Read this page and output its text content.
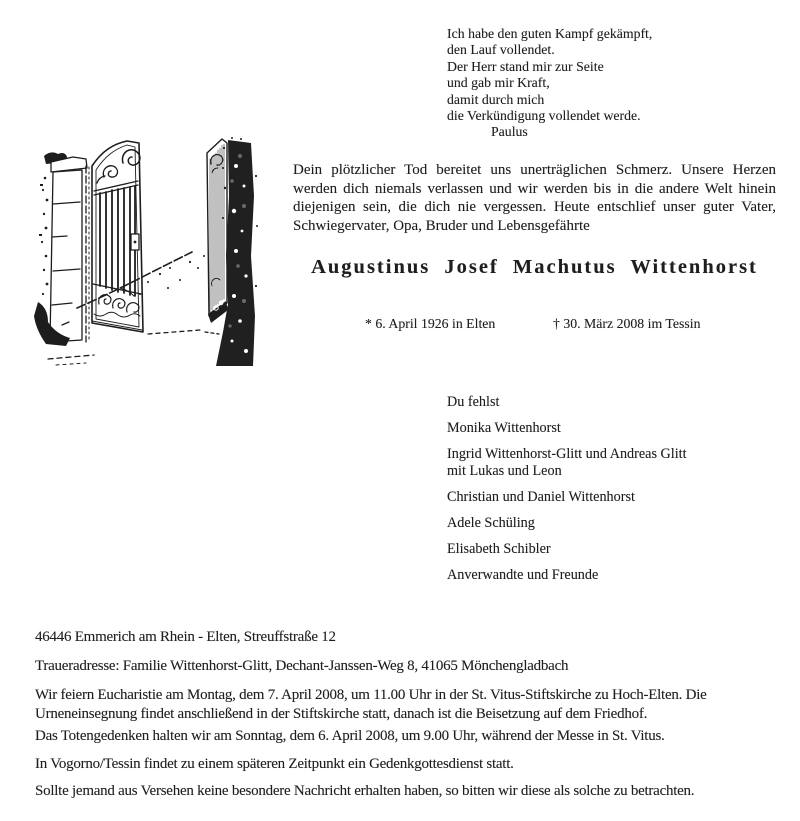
Ich habe den guten Kampf gekämpft,
den Lauf vollendet.
Der Herr stand mir zur Seite
und gab mir Kraft,
damit durch mich
die Verkündigung vollendet werde.
Paulus

Dein plötzlicher Tod bereitet uns unerträglichen Schmerz. Unsere Herzen werden dich niemals verlassen und wir werden bis in die andere Welt hinein diejenigen sein, die dich nie vergessen. Heute entschlief unser guter Vater, Schwiegervater, Opa, Bruder und Lebensgefährte

Augustinus Josef Machutus Wittenhorst
* 6. April 1926 in Elten	† 30. März 2008 im Tessin
Du fehlst
Monika Wittenhorst
Ingrid Wittenhorst-Glitt und Andreas Glitt
mit Lukas und Leon
Christian und Daniel Wittenhorst
Adele Schüling
Elisabeth Schibler
Anverwandte und Freunde

46446 Emmerich am Rhein - Elten, Streuffstraße 12

Traueradresse: Familie Wittenhorst-Glitt, Dechant-Janssen-Weg 8, 41065 Mönchengladbach

Wir feiern Eucharistie am Montag, dem 7. April 2008, um 11.00 Uhr in der St. Vitus-Stiftskirche zu Hoch-Elten. Die Urneneinsegnung findet anschließend in der Stiftskirche statt, danach ist die Beisetzung auf dem Friedhof.

Das Totengedenken halten wir am Sonntag, dem 6. April 2008, um 9.00 Uhr, während der Messe in St. Vitus.

In Vogorno/Tessin findet zu einem späteren Zeitpunkt ein Gedenkgottesdienst statt.

Sollte jemand aus Versehen keine besondere Nachricht erhalten haben, so bitten wir diese als solche zu betrachten.
